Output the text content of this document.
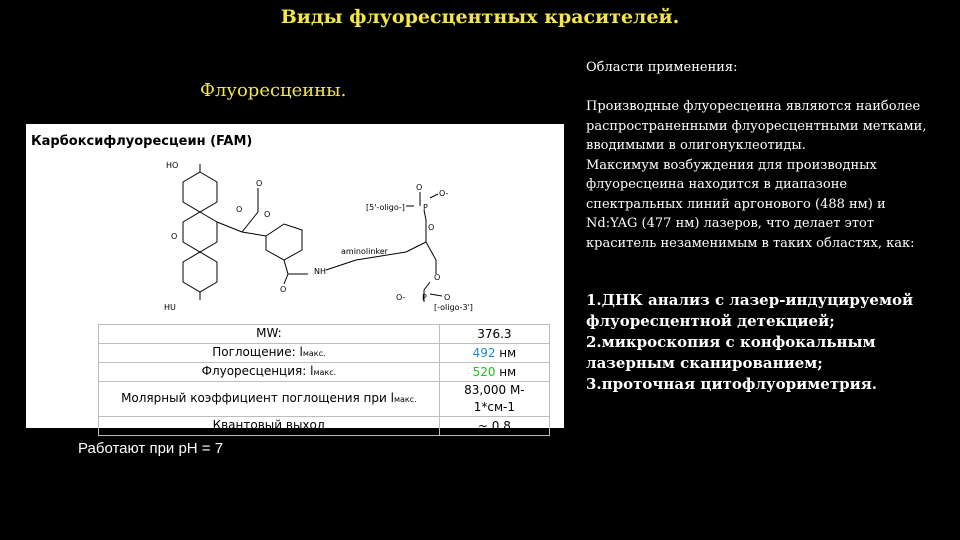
Виды флуоресцентных красителей.
Флуоресцеины.
Карбоксифлуоресцеин (FAM)
HO
O
O
O
O
[5'-oligo-] P
O-
O
O
aminolinker
NH
O
O- P O
[-oligo-3']
O
HU
MW:	376.3
Поглощение: lмакс.	492 нм
Флуоресценция: lмакс.	520 нм
Молярный коэффициент поглощения при lмакс.	83,000 M-1*см-1
Квантовый выход	~ 0.8
Работают при pH = 7
Области применения:

Производные флуоресцеина являются наиболее распространенными флуоресцентными метками, вводимыми в олигонуклеотиды.

Максимум возбуждения для производных флуоресцеина находится в диапазоне спектральных линий аргонового (488 нм) и Nd:YAG (477 нм) лазеров, что делает этот краситель незаменимым в таких областях, как:

1.ДНК анализ с лазер-индуцируемой флуоресцентной детекцией;
2.микроскопия с конфокальным лазерным сканированием;
3.проточная цитофлуориметрия.
